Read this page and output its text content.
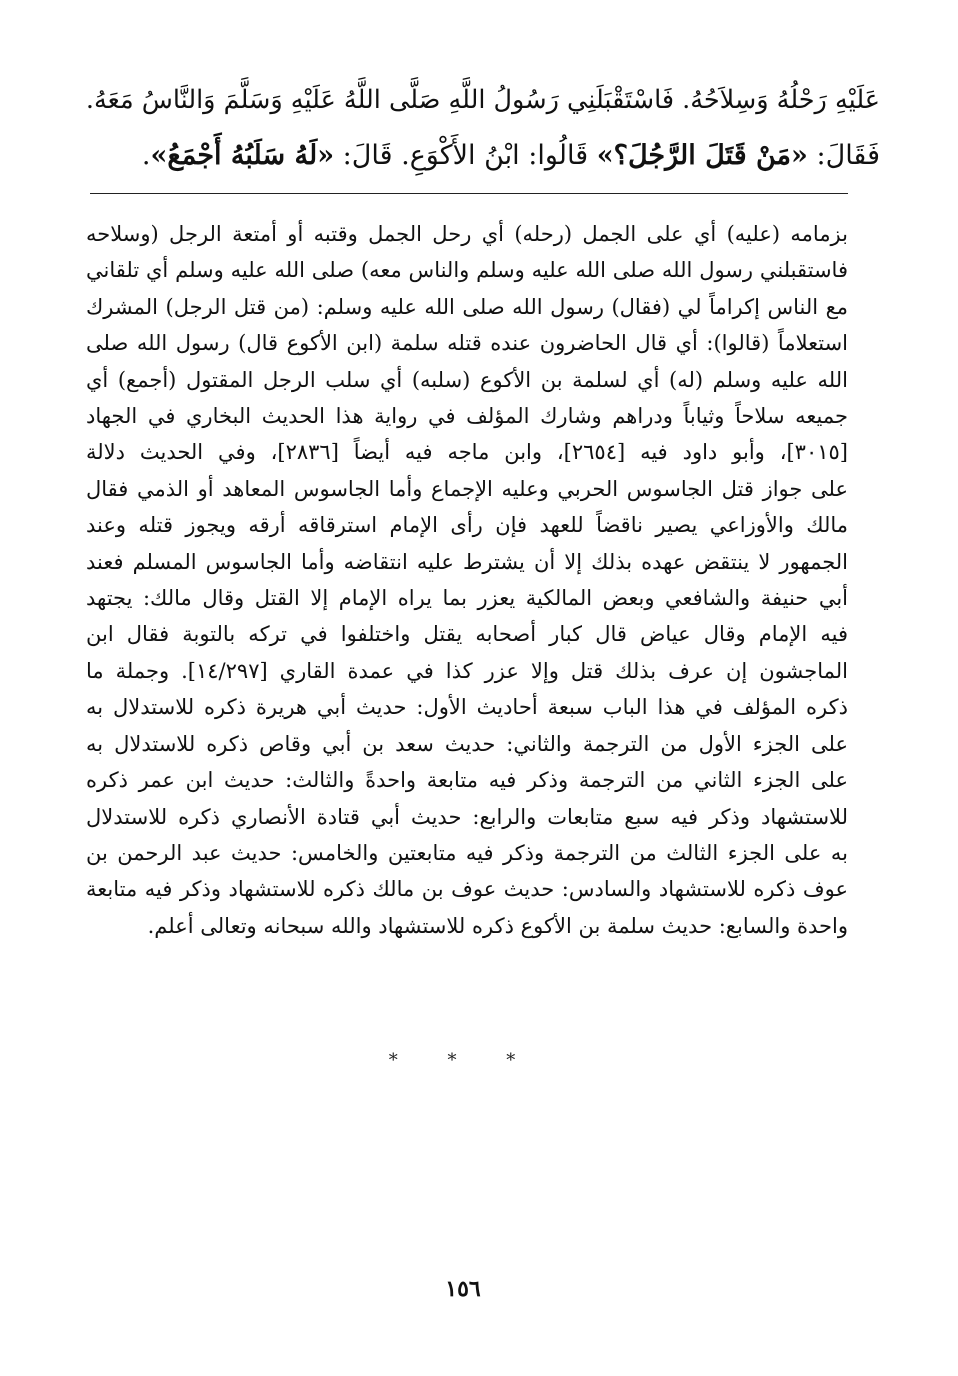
عَلَيْهِ رَحْلُهُ وَسِلاَحُهُ. فَاسْتَقْبَلَنِي رَسُولُ اللَّهِ صَلَّى اللَّهُ عَلَيْهِ وَسَلَّمَ وَالنَّاسُ مَعَهُ.
فَقَالَ: «مَنْ قَتَلَ الرَّجُلَ؟» قَالُوا: ابْنُ الأَكْوَعِ. قَالَ: «لَهُ سَلَبُهُ أَجْمَعُ».
بزمامه (عليه) أي على الجمل (رحله) أي رحل الجمل وقتبه أو أمتعة الرجل (وسلاحه
فاستقبلني رسول الله صلى الله عليه وسلم والناس معه) صلى الله عليه وسلم أي تلقاني
مع الناس إكراماً لي (فقال) رسول الله صلى الله عليه وسلم: (من قتل الرجل) المشرك
استعلاماً (قالوا): أي قال الحاضرون عنده قتله سلمة (ابن الأكوع قال) رسول الله صلى
الله عليه وسلم (له) أي لسلمة بن الأكوع (سلبه) أي سلب الرجل المقتول (أجمع) أي
جميعه سلاحاً وثياباً ودراهم وشارك المؤلف في رواية هذا الحديث البخاري في الجهاد
[٣٠١٥]، وأبو داود فيه [٢٦٥٤]، وابن ماجه فيه أيضاً [٢٨٣٦]، وفي الحديث دلالة
على جواز قتل الجاسوس الحربي وعليه الإجماع وأما الجاسوس المعاهد أو الذمي فقال
مالك والأوزاعي يصير ناقضاً للعهد فإن رأى الإمام استرقاقه أرقه ويجوز قتله وعند
الجمهور لا ينتقض عهده بذلك إلا أن يشترط عليه انتقاضه وأما الجاسوس المسلم فعند
أبي حنيفة والشافعي وبعض المالكية يعزر بما يراه الإمام إلا القتل وقال مالك: يجتهد
فيه الإمام وقال عياض قال كبار أصحابه يقتل واختلفوا في تركه بالتوبة فقال ابن
الماجشون إن عرف بذلك قتل وإلا عزر كذا في عمدة القاري [١٤/٢٩٧]. وجملة ما
ذكره المؤلف في هذا الباب سبعة أحاديث الأول: حديث أبي هريرة ذكره للاستدلال به
على الجزء الأول من الترجمة والثاني: حديث سعد بن أبي وقاص ذكره للاستدلال به
على الجزء الثاني من الترجمة وذكر فيه متابعة واحدةً والثالث: حديث ابن عمر ذكره
للاستشهاد وذكر فيه سبع متابعات والرابع: حديث أبي قتادة الأنصاري ذكره للاستدلال
به على الجزء الثالث من الترجمة وذكر فيه متابعتين والخامس: حديث عبد الرحمن بن
عوف ذكره للاستشهاد والسادس: حديث عوف بن مالك ذكره للاستشهاد وذكر فيه متابعة
واحدة والسابع: حديث سلمة بن الأكوع ذكره للاستشهاد والله سبحانه وتعالى أعلم.
* * *
١٥٦
